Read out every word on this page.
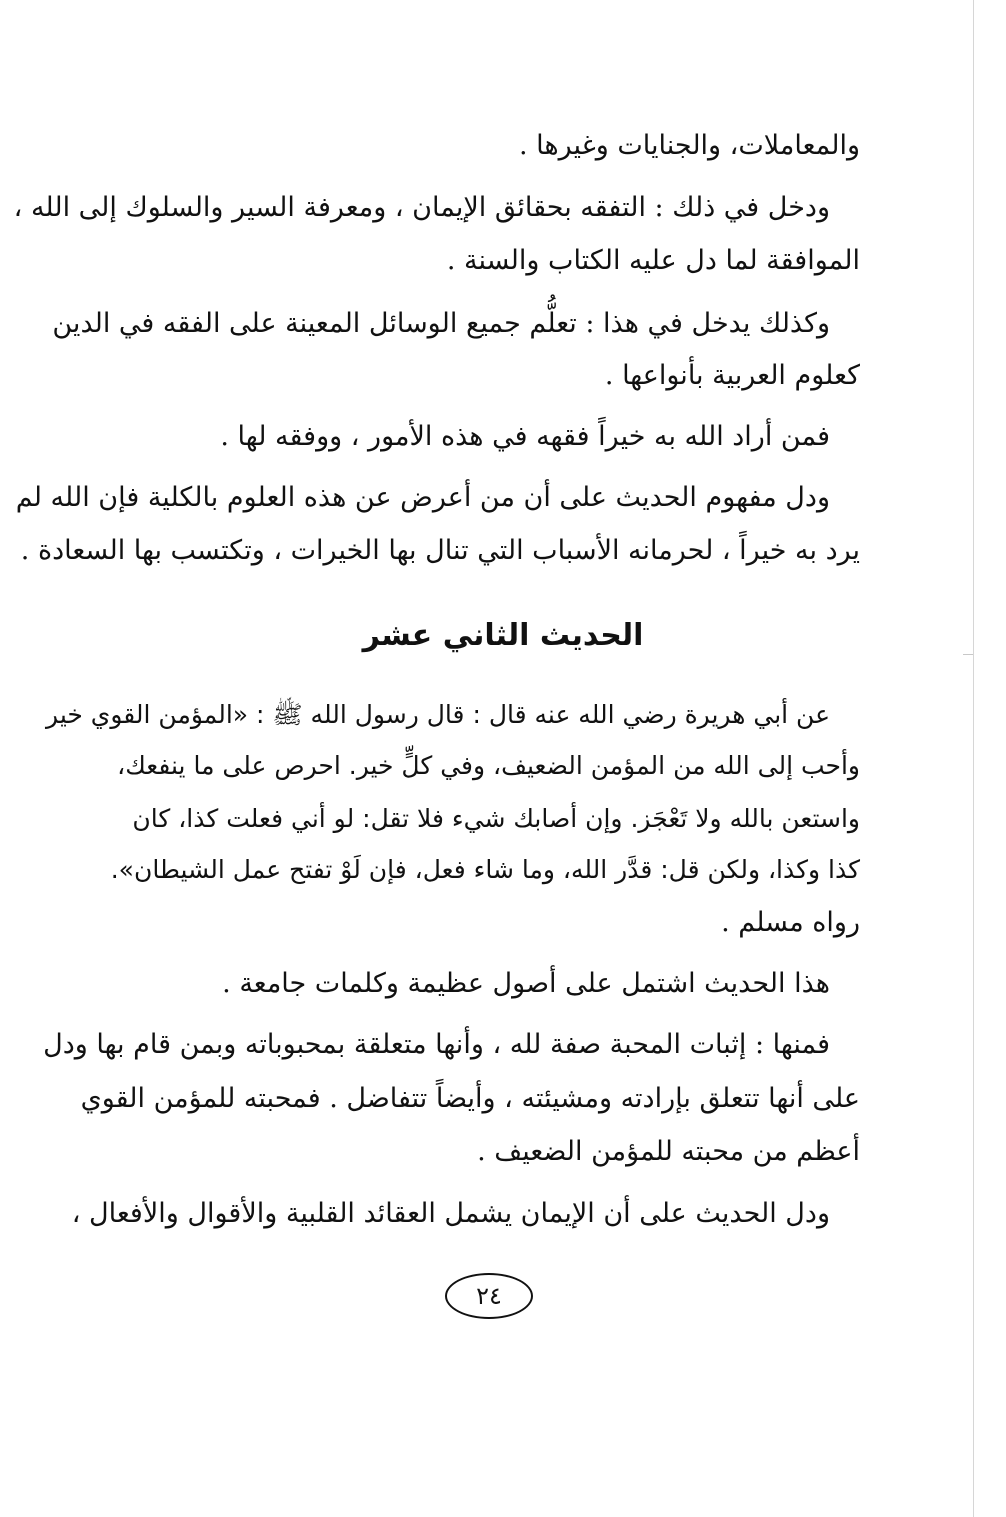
والمعاملات، والجنايات وغيرها .
ودخل في ذلك : التفقه بحقائق الإيمان ، ومعرفة السير والسلوك إلى الله ،
الموافقة لما دل عليه الكتاب والسنة .
وكذلك يدخل في هذا : تعلُّم جميع الوسائل المعينة على الفقه في الدين
كعلوم العربية بأنواعها .
فمن أراد الله به خيراً فقهه في هذه الأمور ، ووفقه لها .
ودل مفهوم الحديث على أن من أعرض عن هذه العلوم بالكلية فإن الله لم
يرد به خيراً ، لحرمانه الأسباب التي تنال بها الخيرات ، وتكتسب بها السعادة .
الحديث الثاني عشر
عن أبي هريرة رضي الله عنه قال : قال رسول الله ﷺ : «المؤمن القوي خير
وأحب إلى الله من المؤمن الضعيف، وفي كلٍّ خير. احرص على ما ينفعك،
واستعن بالله ولا تَعْجَز. وإن أصابك شيء فلا تقل: لو أني فعلت كذا، كان
كذا وكذا، ولكن قل: قدَّر الله، وما شاء فعل، فإن لَوْ تفتح عمل الشيطان».
رواه مسلم .
هذا الحديث اشتمل على أصول عظيمة وكلمات جامعة .
فمنها : إثبات المحبة صفة لله ، وأنها متعلقة بمحبوباته وبمن قام بها ودل
على أنها تتعلق بإرادته ومشيئته ، وأيضاً تتفاضل . فمحبته للمؤمن القوي
أعظم من محبته للمؤمن الضعيف .
ودل الحديث على أن الإيمان يشمل العقائد القلبية والأقوال والأفعال ،
٢٤
